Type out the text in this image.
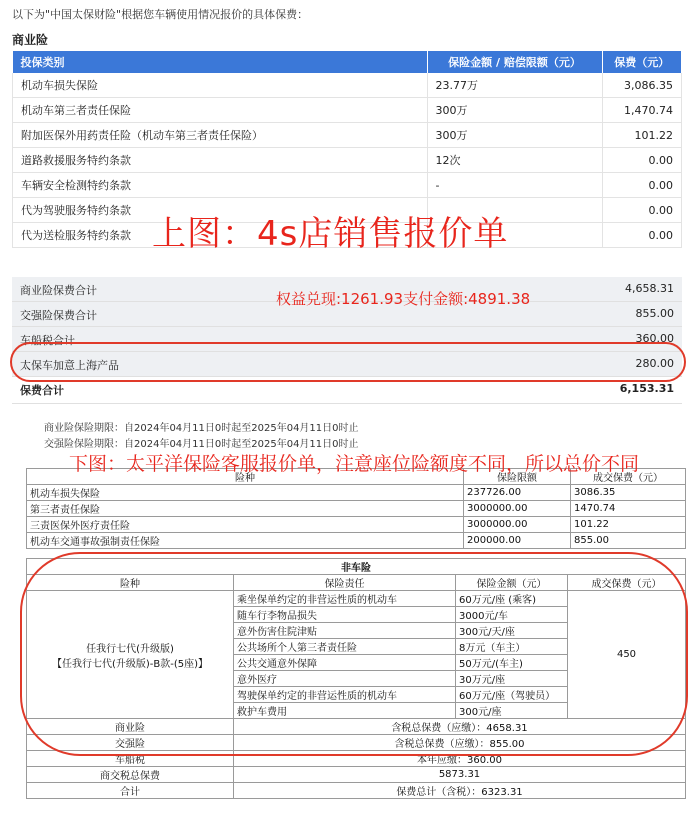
以下为"中国太保财险"根据您车辆使用情况报价的具体保费：
商业险
投保类别	保险金额 / 赔偿限额（元）	保费（元）
机动车损失保险	23.77万	3,086.35
机动车第三者责任保险	300万	1,470.74
附加医保外用药责任险（机动车第三者责任保险）	300万	101.22
道路救援服务特约条款	12次	0.00
车辆安全检测特约条款	-	0.00
代为驾驶服务特约条款		0.00
代为送检服务特约条款		0.00
商业险保费合计	4,658.31
交强险保费合计	855.00
车船税合计	360.00
太保车加意上海产品	280.00
保费合计	6,153.31
上图：4s店销售报价单
权益兑现:1261.93支付金额:4891.38
商业险保险期限：自2024年04月11日0时起至2025年04月11日0时止
交强险保险期限：自2024年04月11日0时起至2025年04月11日0时止
险种	保险限额	成交保费（元）
机动车损失保险	237726.00	3086.35
第三者责任保险	3000000.00	1470.74
三责医保外医疗责任险	3000000.00	101.22
机动车交通事故强制责任保险	200000.00	855.00
非车险			
险种	保险责任	保险金额（元）	成交保费（元）

任我行七代(升级版)
【任我行七代(升级版)-B款-(5座)】	乘坐保单约定的非营运性质的机动车	60万元/座 (乘客)	450
	随车行李物品损失	3000元/车	
	意外伤害住院津贴	300元/天/座	
	公共场所个人第三者责任险	8万元（车主）	
	公共交通意外保障	50万元/(车主)	
	意外医疗	30万元/座	
	驾驶保单约定的非营运性质的机动车	60万元/座（驾驶员）	
	救护车费用	300元/座	
商业险	含税总保费（应缴）：4658.31		
交强险	含税总保费（应缴）：855.00		
车船税	本年应缴：360.00		
商交税总保费	5873.31		
合计	保费总计（含税）：6323.31		
下图：太平洋保险客服报价单，注意座位险额度不同，所以总价不同
